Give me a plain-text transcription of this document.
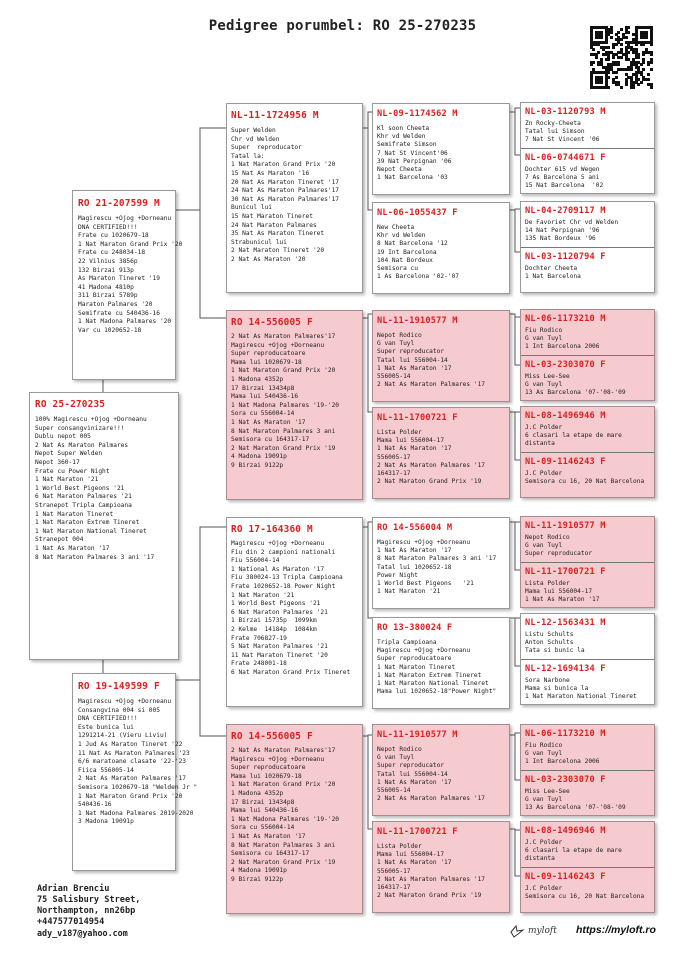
Pedigree porumbel: RO 25-270235
RO 25-270235
100% Magirescu +Ojog +Dorneanu
Super consangvinizare!!!
Dublu nepot 005
2 Nat As Maraton Palmares
Nepot Super Welden
Nepot 360-17
Frate cu Power Night
1 Nat Maraton '21
1 World Best Pigeons '21
6 Nat Maraton Palmares '21
Stranepot Tripla Campioana
1 Nat Maraton Tineret
1 Nat Maraton Extrem Tineret
1 Nat Maraton National Tineret
Stranepot 004
1 Nat As Maraton '17
8 Nat Maraton Palmares 3 ani '17
RO 21-207599 M
Magirescu +Ojog +Dorneanu
DNA CERTIFIED!!!
Frate cu 1020679-18
1 Nat Maraton Grand Prix '20
Frate cu 248034-18
22 Vilnius 3856p
132 Birzai 913p
As Maraton Tineret '19
41 Madona 4810p
311 Birzai 5789p
Maraton Palmares '20
Semifrate cu 540436-16
1 Nat Madona Palmares '20
Var cu 1020652-18
RO 19-149599 F
Magirescu +Ojog +Dorneanu
Consangvina 004 si 005
DNA CERTIFIED!!!
Este bunica lui
1291214-21 (Vieru Liviu)
1 Jud As Maraton Tineret '22
11 Nat As Maraton Palmares '23
6/6 maratoane clasate '22-'23
Fiica 556005-14
2 Nat As Maraton Palmares '17
Semisora 1020679-18 "Welden Jr "
1 Nat Maraton Grand Prix '20
540436-16
1 Nat Madona Palmares 2019-2020
3 Madona 19091p
NL-11-1724956 M
Super Welden
Chr vd Welden
Super  reproducator
Tatal la:
1 Nat Maraton Grand Prix '20
15 Nat As Maraton '16
20 Nat As Maraton Tineret '17
24 Nat As Maraton Palmares'17
30 Nat As Maraton Palmares'17
Bunicul lui
15 Nat Maraton Tineret
24 Nat Maraton Palmares
35 Nat As Maraton Tineret
Strabunicul lui
2 Nat Maraton Tineret '20
2 Nat As Maraton '20
RO 14-556005 F
2 Nat As Maraton Palmares'17
Magirescu +Ojog +Dorneanu
Super reproducatoare
Mama lui 1020679-18
1 Nat Maraton Grand Prix '20
1 Madona 4352p
17 Birzai 13434p8
Mama lui 540436-16
1 Nat Madona Palmares '19-'20
Sora cu 556004-14
1 Nat As Maraton '17
8 Nat Maraton Palmares 3 ani
Semisora cu 164317-17
2 Nat Maraton Grand Prix '19
4 Madona 19091p
9 Birzai 9122p
RO 17-164360 M
Magirescu +Ojog +Dorneanu
Fiu din 2 campioni nationali
Fiu 556004-14
1 National As Maraton '17
Fiu 380024-13 Tripla Campioana
Frate 1020652-18 Power Night
1 Nat Maraton '21
1 World Best Pigeons '21
6 Nat Maraton Palmares '21
1 Birzai 15735p  1099km
2 Kelme  14184p  1084km
Frate 706827-19
5 Nat Maraton Palmares '21
11 Nat Maraton Tineret '20
Frate 248001-18
6 Nat Maraton Grand Prix Tineret
RO 14-556005 F
2 Nat As Maraton Palmares'17
Magirescu +Ojog +Dorneanu
Super reproducatoare
Mama lui 1020679-18
1 Nat Maraton Grand Prix '20
1 Madona 4352p
17 Birzai 13434p8
Mama lui 540436-16
1 Nat Madona Palmares '19-'20
Sora cu 556004-14
1 Nat As Maraton '17
8 Nat Maraton Palmares 3 ani
Semisora cu 164317-17
2 Nat Maraton Grand Prix '19
4 Madona 19091p
9 Birzai 9122p
NL-09-1174562 M
Kl soon Cheeta
Khr vd Welden
Semifrate Simson
7 Nat St Vincent'06
39 Nat Perpignan '06
Nepot Cheeta
1 Nat Barcelona '03
NL-06-1055437 F
New Cheeta
Khr vd Welden
8 Nat Barcelona '12
19 Int Barcelona
104 Nat Bordeux
Semisora cu
1 As Barcelona '02-'07
NL-11-1910577 M
Nepot Rodico
G van Tuyl
Super reproducator
Tatal lui 556004-14
1 Nat As Maraton '17
556005-14
2 Nat As Maraton Palmares '17
NL-11-1700721 F
Lista Polder
Mama lui 556004-17
1 Nat As Maraton '17
556005-17
2 Nat As Maraton Palmares '17
164317-17
2 Nat Maraton Grand Prix '19
RO 14-556004 M
Magirescu +Ojog +Dorneanu
1 Nat As Maraton '17
8 Nat Maraton Palmares 3 ani '17
Tatal lui 1020652-18
Power Night
1 World Best Pigeons   '21
1 Nat Maraton '21
RO 13-380024 F
Tripla Campioana
Magirescu +Ojog +Dorneanu
Super reproducatoare
1 Nat Maraton Tineret
1 Nat Maraton Extrem Tineret
1 Nat Maraton National Tineret
Mama lui 1020652-18"Power Night"
NL-11-1910577 M
Nepot Rodico
G van Tuyl
Super reproducator
Tatal lui 556004-14
1 Nat As Maraton '17
556005-14
2 Nat As Maraton Palmares '17
NL-11-1700721 F
Lista Polder
Mama lui 556004-17
1 Nat As Maraton '17
556005-17
2 Nat As Maraton Palmares '17
164317-17
2 Nat Maraton Grand Prix '19
NL-03-1120793 M
Zn Rocky-Cheeta
Tatal lui Simson
7 Nat St Vincent '06
NL-06-0744671 F
Dochter 615 vd Wegen
7 As Barcelona 5 ani
15 Nat Barcelona  '02
NL-04-2709117 M
De Favoriet Chr vd Welden
14 Nat Perpignan '96
135 Nat Bordeux '96
NL-03-1120794 F
Dochter Cheeta
1 Nat Barcelona
NL-06-1173210 M
Fiu Rodico
G van Tuyl
1 Int Barcelona 2006
NL-03-2303070 F
Miss Lee-See
G van Tuyl
13 As Barcelona '07-'08-'09
NL-08-1496946 M
J.C Polder
6 clasari la etape de mare
distanta
NL-09-1146243 F
J.C Polder
Semisora cu 16, 20 Nat Barcelona
NL-11-1910577 M
Nepot Rodico
G van Tuyl
Super reproducator
NL-11-1700721 F
Lista Polder
Mama lui 556004-17
1 Nat As Maraton '17
NL-12-1563431 M
Listu Schults
Anton Schults
Tata si bunic la
NL-12-1694134 F
Sora Narbone
Mama si bunica la
1 Nat Maraton National Tineret
NL-06-1173210 M
Fiu Rodico
G van Tuyl
1 Int Barcelona 2006
NL-03-2303070 F
Miss Lee-See
G van Tuyl
13 As Barcelona '07-'08-'09
NL-08-1496946 M
J.C Polder
6 clasari la etape de mare
distanta
NL-09-1146243 F
J.C Polder
Semisora cu 16, 20 Nat Barcelona
Adrian Brenciu
75 Salisbury Street,
Northampton, nn26bp
+447577014954
ady_v187@yahoo.com	myloft https://myloft.ro
